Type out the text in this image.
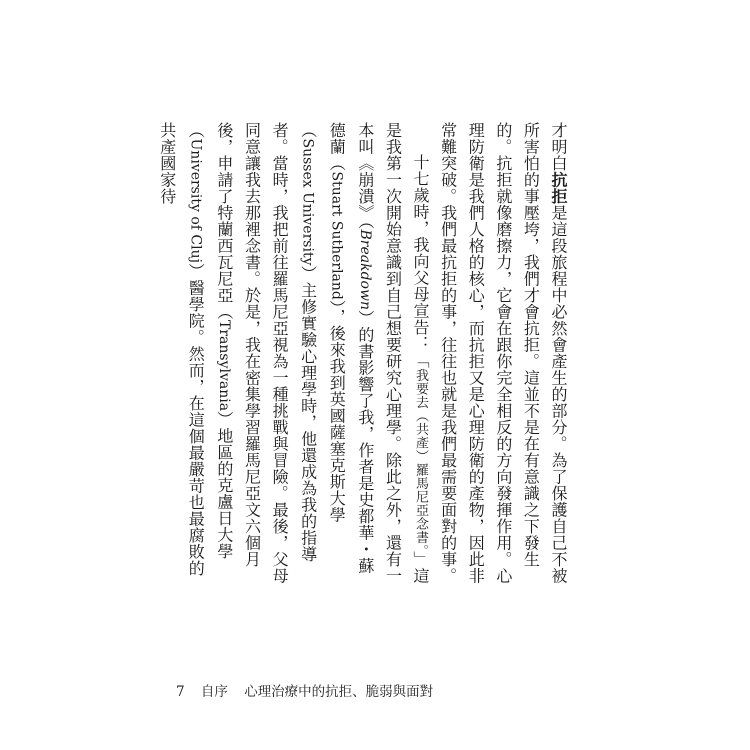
才明白抗拒是這段旅程中必然會產生的部分。為了保護自己不被所害怕的事壓垮，我們才會抗拒。這並不是在有意識之下發生的。抗拒就像磨擦力，它會在跟你完全相反的方向發揮作用。心理防衛是我們人格的核心，而抗拒又是心理防衛的產物，因此非常難突破。我們最抗拒的事，往往也就是我們最需要面對的事。

十七歲時，我向父母宣告：「我要去（共產）羅馬尼亞念書。」這是我第一次開始意識到自己想要研究心理學。除此之外，還有一本叫《崩潰》（Breakdown）的書影響了我，作者是史都華・蘇德蘭（Stuart Sutherland），後來我到英國薩塞克斯大學（Sussex University）主修實驗心理學時，他還成為我的指導者。當時，我把前往羅馬尼亞視為一種挑戰與冒險。最後，父母同意讓我去那裡念書。於是，我在密集學習羅馬尼亞文六個月後，申請了特蘭西瓦尼亞（Transylvania）地區的克盧日大學（University of Cluj）醫學院。然而，在這個最嚴苛也最腐敗的共產國家待

7 自序 心理治療中的抗拒、脆弱與面對
